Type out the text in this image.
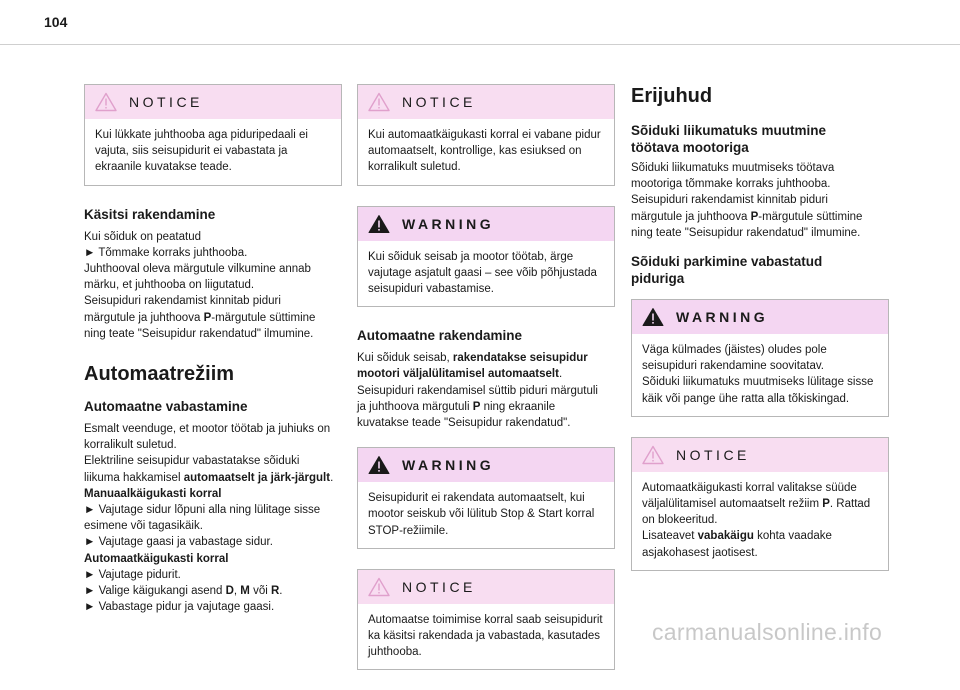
104
NOTICE

Kui lükkate juhthooba aga piduripedaali ei

vajuta, siis seisupidurit ei vabastata ja

ekraanile kuvatakse teade.

Käsitsi rakendamine

Kui sõiduk on peatatud

► Tõmmake korraks juhthooba.

Juhthooval oleva märgutule vilkumine annab

märku, et juhthooba on liigutatud.

Seisupiduri rakendamist kinnitab piduri

märgutule ja juhthoova P-märgutule süttimine

ning teate "Seisupidur rakendatud" ilmumine.

Automaatrežiim
Automaatne vabastamine

Esmalt veenduge, et mootor töötab ja juhiuks on

korralikult suletud.

Elektriline seisupidur vabastatakse sõiduki

liikuma hakkamisel automaatselt ja järk-järgult.

Manuaalkäigukasti korral

► Vajutage sidur lõpuni alla ning lülitage sisse

esimene või tagasikäik.

► Vajutage gaasi ja vabastage sidur.

Automaatkäigukasti korral

► Vajutage pidurit.

► Valige käigukangi asend D, M või R.

► Vabastage pidur ja vajutage gaasi.

NOTICE

Kui automaatkäigukasti korral ei vabane pidur

automaatselt, kontrollige, kas esiuksed on

korralikult suletud.

WARNING

Kui sõiduk seisab ja mootor töötab, ärge

vajutage asjatult gaasi – see võib põhjustada

seisupiduri vabastamise.

Automaatne rakendamine

Kui sõiduk seisab, rakendatakse seisupidur

mootori väljalülitamisel automaatselt.

Seisupiduri rakendamisel süttib piduri märgutuli

ja juhthoova märgutuli P ning ekraanile

kuvatakse teade "Seisupidur rakendatud".

WARNING

Seisupidurit ei rakendata automaatselt, kui

mootor seiskub või lülitub Stop & Start korral

STOP-režiimile.

NOTICE

Automaatse toimimise korral saab seisupidurit

ka käsitsi rakendada ja vabastada, kasutades

juhthooba.

Erijuhud
Sõiduki liikumatuks muutmine
töötava mootoriga

Sõiduki liikumatuks muutmiseks töötava

mootoriga tõmmake korraks juhthooba.

Seisupiduri rakendamist kinnitab piduri

märgutule ja juhthoova P-märgutule süttimine

ning teate "Seisupidur rakendatud" ilmumine.

Sõiduki parkimine vabastatud
piduriga
WARNING

Väga külmades (jäistes) oludes pole

seisupiduri rakendamine soovitatav.

Sõiduki liikumatuks muutmiseks lülitage sisse

käik või pange ühe ratta alla tõkiskingad.

NOTICE

Automaatkäigukasti korral valitakse süüde

väljalülitamisel automaatselt režiim P. Rattad

on blokeeritud.

Lisateavet vabakäigu kohta vaadake

asjakohasest jaotisest.

carmanualsonline.info
